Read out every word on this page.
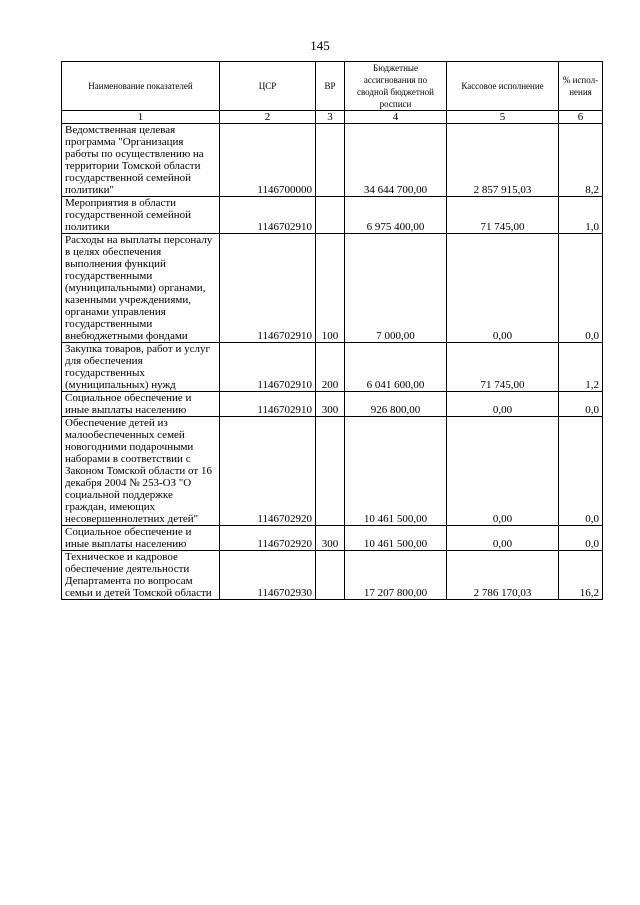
145
Наименование показателей	ЦСР	ВР	Бюджетные ассигнования по сводной бюджетной росписи	Кассовое исполнение	% испол-нения
1	2	3	4	5	6
Ведомственная целевая программа "Организация работы по осуществлению на территории Томской области государственной семейной политики"	1146700000		34 644 700,00	2 857 915,03	8,2
Мероприятия в области государственной семейной политики	1146702910		6 975 400,00	71 745,00	1,0
Расходы на выплаты персоналу в целях обеспечения выполнения функций государственными (муниципальными) органами, казенными учреждениями, органами управления государственными внебюджетными фондами	1146702910	100	7 000,00	0,00	0,0
Закупка товаров, работ и услуг для обеспечения государственных (муниципальных) нужд	1146702910	200	6 041 600,00	71 745,00	1,2
Социальное обеспечение и иные выплаты населению	1146702910	300	926 800,00	0,00	0,0
Обеспечение детей из малообеспеченных семей новогодними подарочными наборами в соответствии с Законом Томской области от 16 декабря 2004 № 253-ОЗ "О социальной поддержке граждан, имеющих несовершеннолетних детей"	1146702920		10 461 500,00	0,00	0,0
Социальное обеспечение и иные выплаты населению	1146702920	300	10 461 500,00	0,00	0,0
Техническое и кадровое обеспечение деятельности Департамента по вопросам семьи и детей Томской области	1146702930		17 207 800,00	2 786 170,03	16,2
